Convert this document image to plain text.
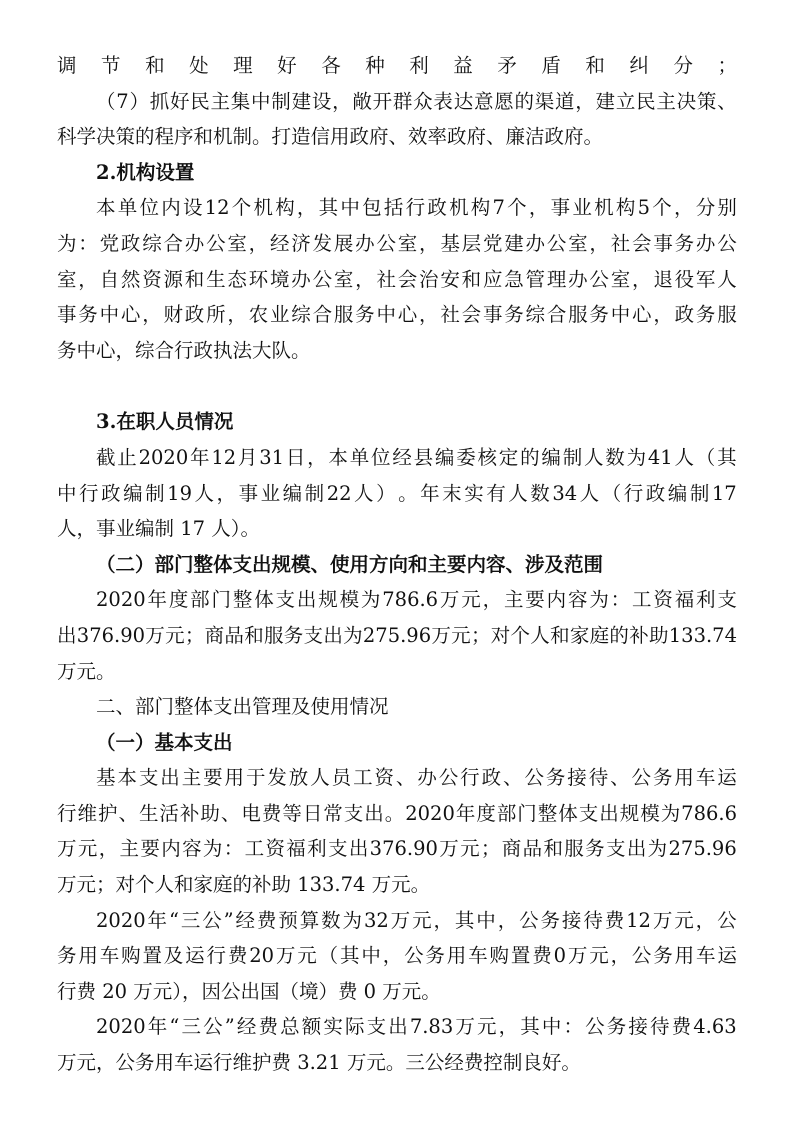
调 节 和 处 理 好 各 种 利 益 矛 盾 和 纠 分 ；
（ 7 ） 抓 好 民 主 集 中 制 建 设 ， 敞 开 群 众 表 达 意 愿 的 渠 道 ， 建 立 民 主 决 策 、
科学决策的程序和机制。打造信用政府、效率政府、廉洁政府。
2.机构设置
本 单 位 内 设 12 个 机 构 ， 其 中 包 括 行 政 机 构 7 个 ， 事 业 机 构 5 个 ， 分 别
为 ： 党 政 综 合 办 公 室 ， 经 济 发 展 办 公 室 ， 基 层 党 建 办 公 室 ， 社 会 事 务 办 公
室 ， 自 然 资 源 和 生 态 环 境 办 公 室 ， 社 会 治 安 和 应 急 管 理 办 公 室 ， 退 役 军 人
事 务 中 心 ， 财 政 所 ， 农 业 综 合 服 务 中 心 ， 社 会 事 务 综 合 服 务 中 心 ， 政 务 服
务中心，综合行政执法大队。
3.在职人员情况
截 止 2020 年 12 月 31 日 ， 本 单 位 经 县 编 委 核 定 的 编 制 人 数 为 41 人 （ 其
中 行 政 编 制 19 人 ， 事 业 编 制 22 人 ） 。 年 末 实 有 人 数 34 人 （ 行 政 编 制 17
人，事业编制 17 人）。
（二）部门整体支出规模、使用方向和主要内容、涉及范围
2020 年 度 部 门 整 体 支 出 规 模 为 786.6 万 元 ， 主 要 内 容 为 ： 工 资 福 利 支
出 376.90 万 元 ； 商 品 和 服 务 支 出 为 275.96 万 元 ； 对 个 人 和 家 庭 的 补 助 133.74
万元。
二、部门整体支出管理及使用情况
（一）基本支出
基 本 支 出 主 要 用 于 发 放 人 员 工 资 、 办 公 行 政 、 公 务 接 待 、 公 务 用 车 运
行 维 护 、 生 活 补 助 、 电 费 等 日 常 支 出 。 2020 年 度 部 门 整 体 支 出 规 模 为 786.6
万 元 ， 主 要 内 容 为 ： 工 资 福 利 支 出 376.90 万 元 ； 商 品 和 服 务 支 出 为 275.96
万元；对个人和家庭的补助 133.74 万元。
2020 年 “ 三 公 ” 经 费 预 算 数 为 32 万 元 ， 其 中 ， 公 务 接 待 费 12 万 元 ， 公
务 用 车 购 置 及 运 行 费 20 万 元 （ 其 中 ， 公 务 用 车 购 置 费 0 万 元 ， 公 务 用 车 运
行费 20 万元），因公出国（境）费 0 万元。
2020 年 “ 三 公 ” 经 费 总 额 实 际 支 出 7.83 万 元 ， 其 中 ： 公 务 接 待 费 4.63
万元，公务用车运行维护费 3.21 万元。三公经费控制良好。
